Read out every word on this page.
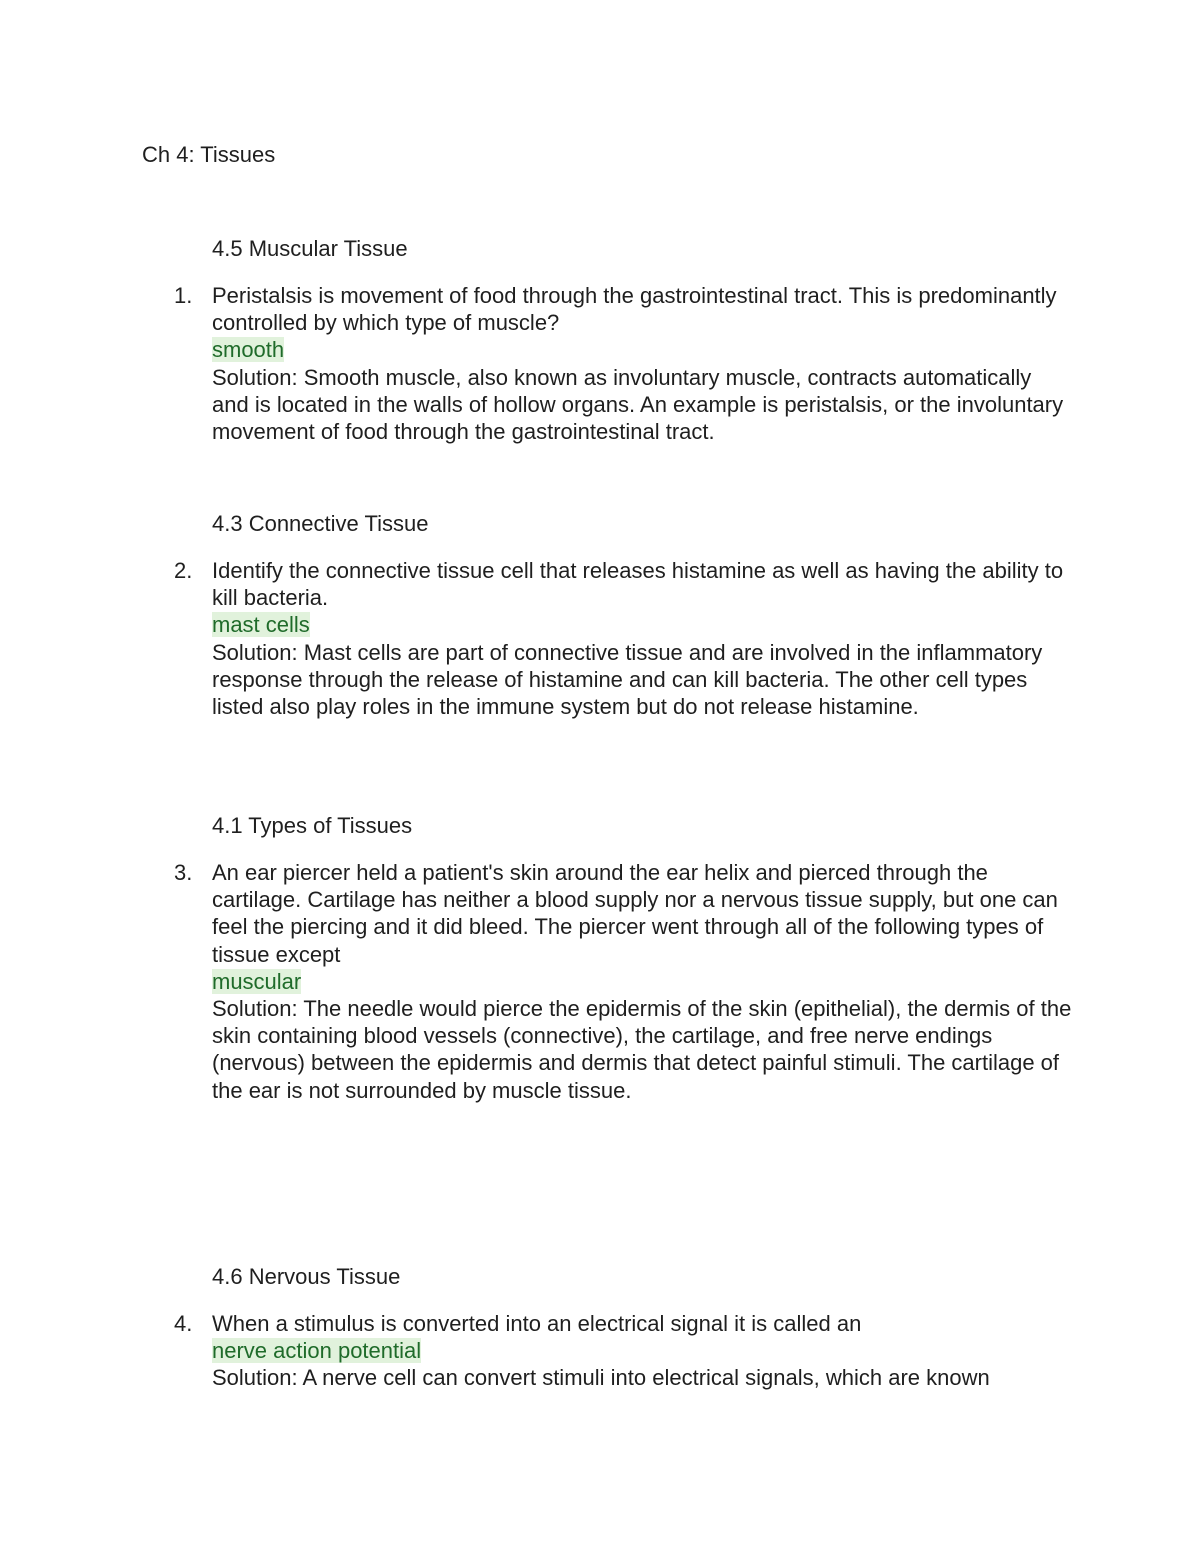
Ch 4: Tissues
4.5 Muscular Tissue
1. Peristalsis is movement of food through the gastrointestinal tract. This is predominantly controlled by which type of muscle?

smooth

Solution: Smooth muscle, also known as involuntary muscle, contracts automatically and is located in the walls of hollow organs. An example is peristalsis, or the involuntary movement of food through the gastrointestinal tract.

4.3 Connective Tissue
2. Identify the connective tissue cell that releases histamine as well as having the ability to kill bacteria.

mast cells

Solution: Mast cells are part of connective tissue and are involved in the inflammatory response through the release of histamine and can kill bacteria. The other cell types listed also play roles in the immune system but do not release histamine.

4.1 Types of Tissues
3. An ear piercer held a patient's skin around the ear helix and pierced through the cartilage. Cartilage has neither a blood supply nor a nervous tissue supply, but one can feel the piercing and it did bleed. The piercer went through all of the following types of tissue except

muscular

Solution: The needle would pierce the epidermis of the skin (epithelial), the dermis of the skin containing blood vessels (connective), the cartilage, and free nerve endings (nervous) between the epidermis and dermis that detect painful stimuli. The cartilage of the ear is not surrounded by muscle tissue.

4.6 Nervous Tissue
4. When a stimulus is converted into an electrical signal it is called an

nerve action potential

Solution: A nerve cell can convert stimuli into electrical signals, which are known
